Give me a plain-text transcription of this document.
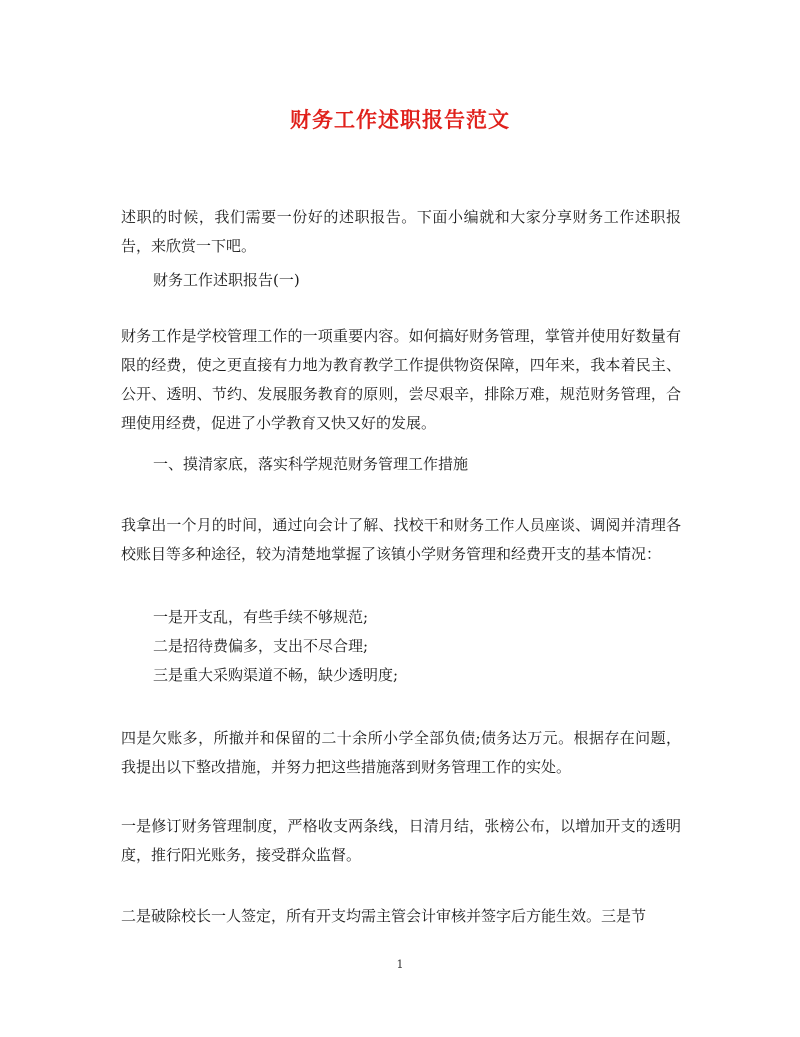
财务工作述职报告范文

述职的时候，我们需要一份好的述职报告。下面小编就和大家分享财务工作述职报告，来欣赏一下吧。

财务工作述职报告(一)

财务工作是学校管理工作的一项重要内容。如何搞好财务管理，掌管并使用好数量有限的经费，使之更直接有力地为教育教学工作提供物资保障，四年来，我本着民主、公开、透明、节约、发展服务教育的原则，尝尽艰辛，排除万难，规范财务管理，合理使用经费，促进了小学教育又快又好的发展。

一、摸清家底，落实科学规范财务管理工作措施

我拿出一个月的时间，通过向会计了解、找校干和财务工作人员座谈、调阅并清理各校账目等多种途径，较为清楚地掌握了该镇小学财务管理和经费开支的基本情况：

一是开支乱，有些手续不够规范;
二是招待费偏多，支出不尽合理;
三是重大采购渠道不畅，缺少透明度;

四是欠账多，所撤并和保留的二十余所小学全部负债;债务达万元。根据存在问题，我提出以下整改措施，并努力把这些措施落到财务管理工作的实处。

一是修订财务管理制度，严格收支两条线，日清月结，张榜公布，以增加开支的透明度，推行阳光账务，接受群众监督。

二是破除校长一人签定，所有开支均需主管会计审核并签字后方能生效。三是节

1
